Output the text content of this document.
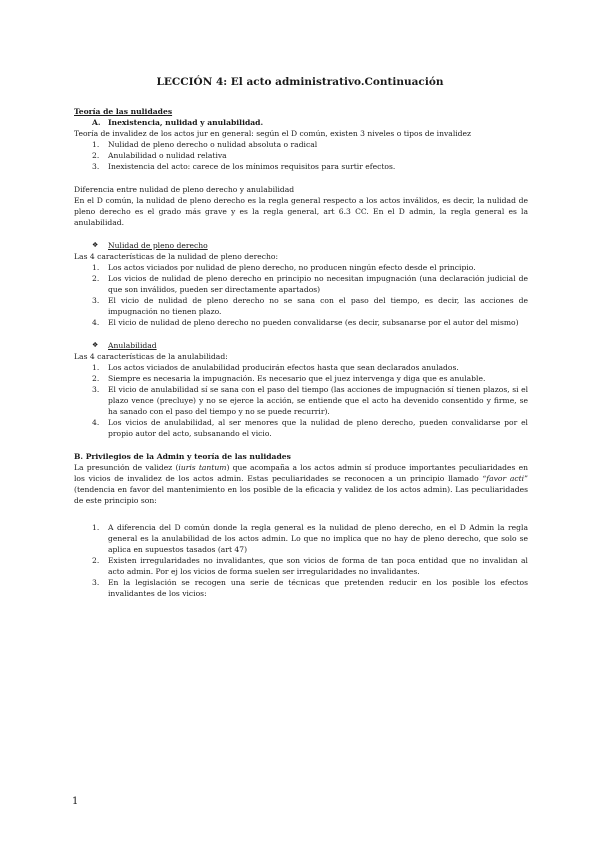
LECCIÓN 4: El acto administrativo.Continuación

Teoría de las nulidades

A. Inexistencia, nulidad y anulabilidad.

Teoría de invalidez de los actos jur en general: según el D común, existen 3 niveles o tipos de invalidez

1.	Nulidad de pleno derecho o nulidad absoluta o radical
2.	Anulabilidad o nulidad relativa
3.	Inexistencia del acto: carece de los mínimos requisitos para surtir efectos.

Diferencia entre nulidad de pleno derecho y anulabilidad

En el D común, la nulidad de pleno derecho es la regla general respecto a los actos inválidos, es decir, la nulidad de pleno derecho es el grado más grave y es la regla general, art 6.3 CC. En el D admin, la regla general es la anulabilidad.

❖	Nulidad de pleno derecho

Las 4 características de la nulidad de pleno derecho:

1.	Los actos viciados por nulidad de pleno derecho, no producen ningún efecto desde el principio.
2.	Los vicios de nulidad de pleno derecho en principio no necesitan impugnación (una declaración judicial de que son inválidos, pueden ser directamente apartados)
3.	El vicio de nulidad de pleno derecho no se sana con el paso del tiempo, es decir, las acciones de impugnación no tienen plazo.
4.	El vicio de nulidad de pleno derecho no pueden convalidarse (es decir, subsanarse por el autor del mismo)
❖	Anulabilidad

Las 4 características de la anulabilidad:

1.	Los actos viciados de anulabilidad producirán efectos hasta que sean declarados anulados.
2.	Siempre es necesaria la impugnación. Es necesario que el juez intervenga y diga que es anulable.
3.	El vicio de anulabilidad sí se sana con el paso del tiempo (las acciones de impugnación sí tienen plazos, si el plazo vence (precluye) y no se ejerce la acción, se entiende que el acto ha devenido consentido y firme, se ha sanado con el paso del tiempo y no se puede recurrir).
4.	Los vicios de anulabilidad, al ser menores que la nulidad de pleno derecho, pueden convalidarse por el propio autor del acto, subsanando el vicio.

B. Privilegios de la Admin y teoría de las nulidades

La presunción de validez (iuris tantum) que acompaña a los actos admin sí produce importantes peculiaridades en los vicios de invalidez de los actos admin. Estas peculiaridades se reconocen a un principio llamado “favor acti” (tendencia en favor del mantenimiento en los posible de la eficacia y validez de los actos admin). Las peculiaridades de este principio son:

1.	A diferencia del D común donde la regla general es la nulidad de pleno derecho, en el D Admin la regla general es la anulabilidad de los actos admin. Lo que no implica que no hay de pleno derecho, que solo se aplica en supuestos tasados (art 47)
2.	Existen irregularidades no invalidantes, que son vicios de forma de tan poca entidad que no invalidan al acto admin. Por ej los vicios de forma suelen ser irregularidades no invalidantes.
3.	En la legislación se recogen una serie de técnicas que pretenden reducir en los posible los efectos invalidantes de los vicios:
1
